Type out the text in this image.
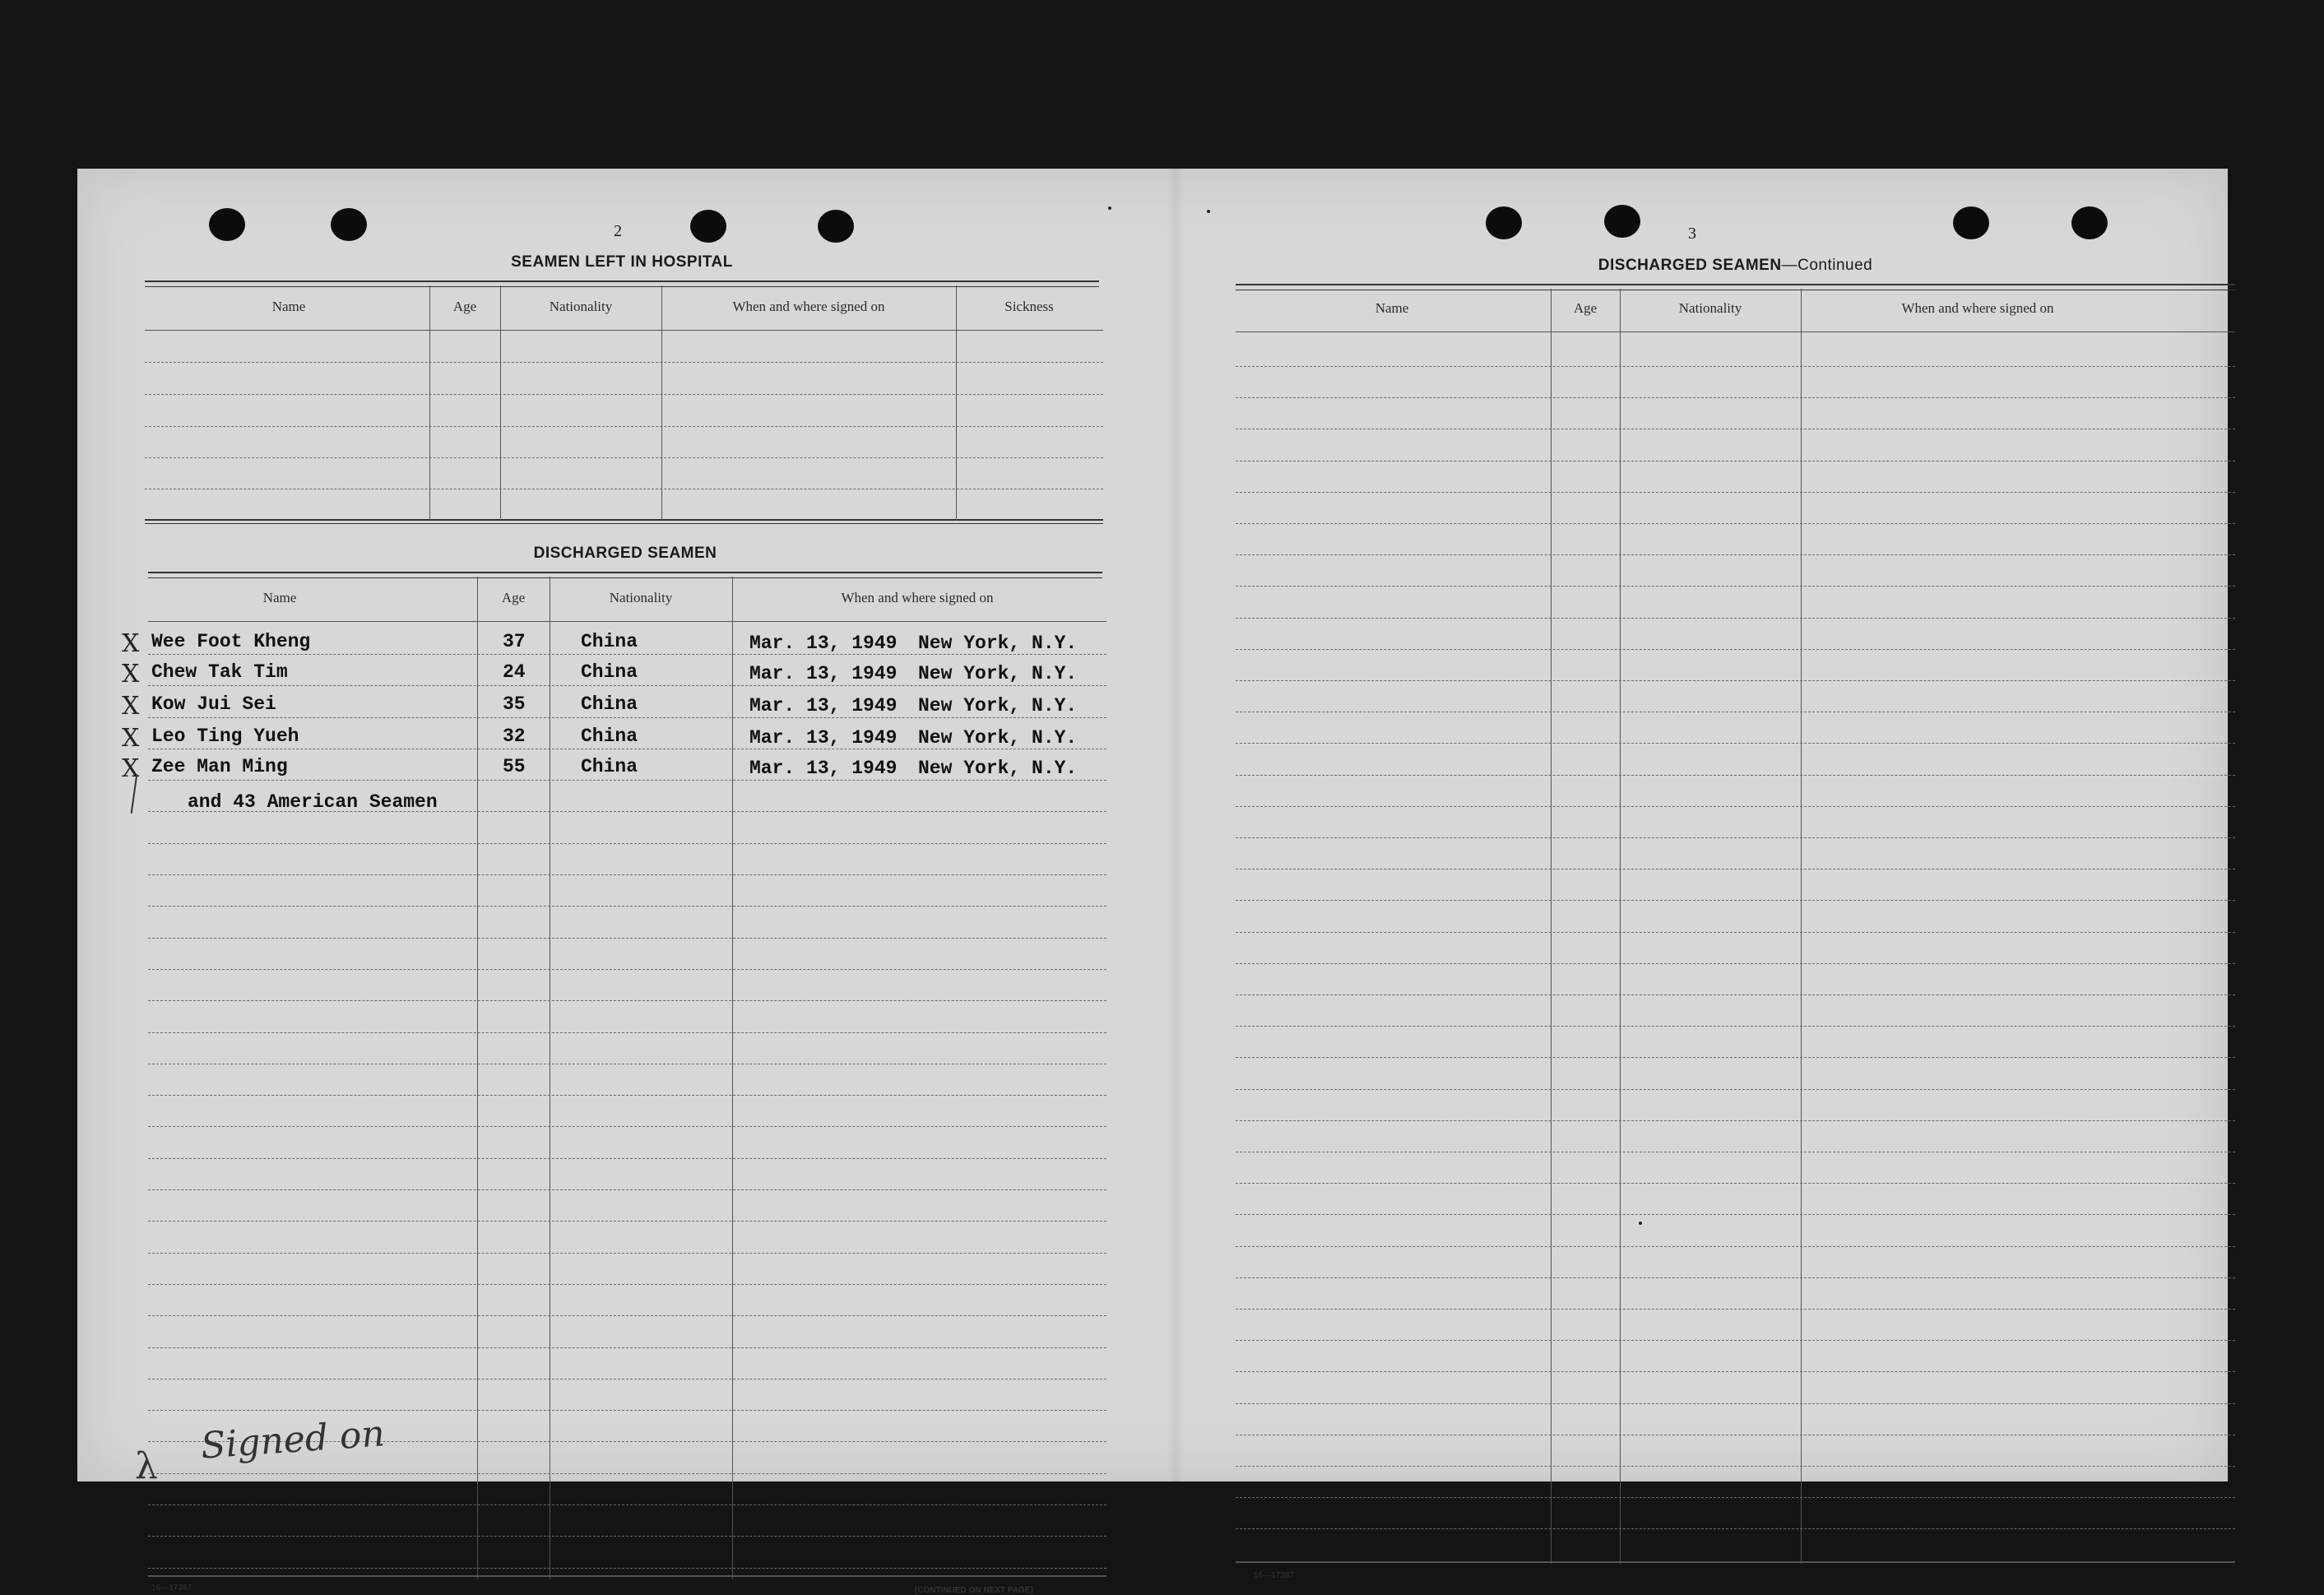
2
SEAMEN LEFT IN HOSPITAL
Name	Age	Nationality	When and where signed on	Sickness
DISCHARGED SEAMEN
Name	Age	Nationality	When and where signed on
X Wee Foot Kheng	37	China	Mar. 13, 1949 New York, N.Y.
X Chew Tak Tim	24	China	Mar. 13, 1949 New York, N.Y.
X Kow Jui Sei	35	China	Mar. 13, 1949 New York, N.Y.
X Leo Ting Yueh	32	China	Mar. 13, 1949 New York, N.Y.
X Zee Man Ming	55	China	Mar. 13, 1949 New York, N.Y.
and 43 American Seamen
16—17387	[CONTINUED ON NEXT PAGE]
Signed on
λ
3
DISCHARGED SEAMEN—Continued
Name	Age	Nationality	When and where signed on
16—17387
